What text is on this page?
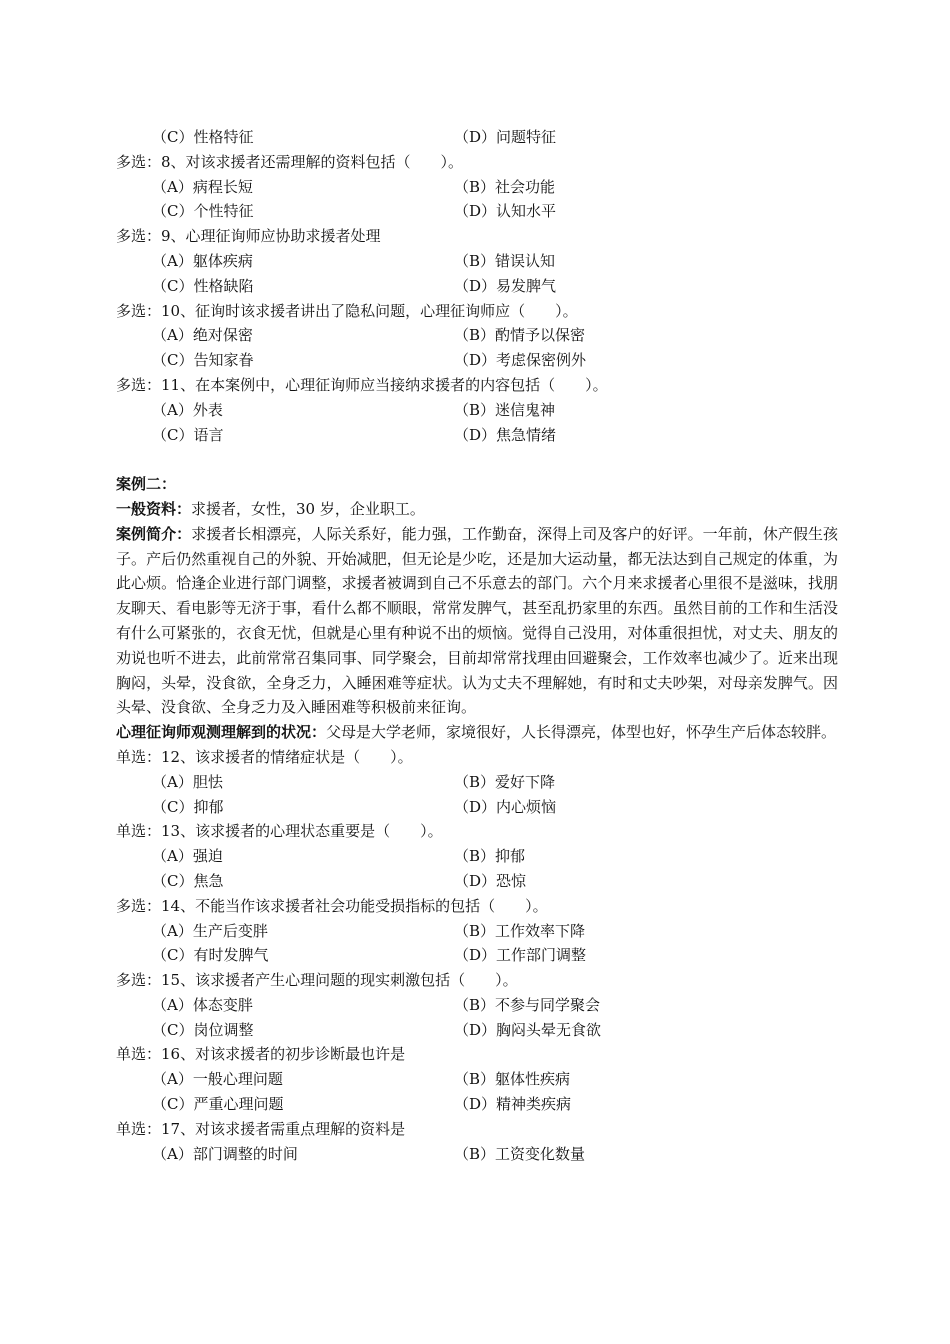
（C）性格特征	（D）问题特征
多选：8、对该求援者还需理解的资料包括（　　）。
（A）病程长短	（B）社会功能
（C）个性特征	（D）认知水平
多选：9、心理征询师应协助求援者处理
（A）躯体疾病	（B）错误认知
（C）性格缺陷	（D）易发脾气
多选：10、征询时该求援者讲出了隐私问题，心理征询师应（　　）。
（A）绝对保密	（B）酌情予以保密
（C）告知家眷	（D）考虑保密例外
多选：11、在本案例中，心理征询师应当接纳求援者的内容包括（　　）。
（A）外表	（B）迷信鬼神
（C）语言	（D）焦急情绪
案例二：
一般资料：求援者，女性，30 岁，企业职工。
案例简介：求援者长相漂亮，人际关系好，能力强，工作勤奋，深得上司及客户的好评。一年前，休产假生孩子。产后仍然重视自己的外貌、开始减肥，但无论是少吃，还是加大运动量，都无法达到自己规定的体重，为此心烦。恰逢企业进行部门调整，求援者被调到自己不乐意去的部门。六个月来求援者心里很不是滋味，找朋友聊天、看电影等无济于事，看什么都不顺眼，常常发脾气，甚至乱扔家里的东西。虽然目前的工作和生活没有什么可紧张的，衣食无忧，但就是心里有种说不出的烦恼。觉得自己没用，对体重很担忧，对丈夫、朋友的劝说也听不进去，此前常常召集同事、同学聚会，目前却常常找理由回避聚会，工作效率也减少了。近来出现胸闷，头晕，没食欲，全身乏力，入睡困难等症状。认为丈夫不理解她，有时和丈夫吵架，对母亲发脾气。因头晕、没食欲、全身乏力及入睡困难等积极前来征询。
心理征询师观测理解到的状况：父母是大学老师，家境很好，人长得漂亮，体型也好，怀孕生产后体态较胖。
单选：12、该求援者的情绪症状是（　　）。
（A）胆怯	（B）爱好下降
（C）抑郁	（D）内心烦恼
单选：13、该求援者的心理状态重要是（　　）。
（A）强迫	（B）抑郁
（C）焦急	（D）恐惊
多选：14、不能当作该求援者社会功能受损指标的包括（　　）。
（A）生产后变胖	（B）工作效率下降
（C）有时发脾气	（D）工作部门调整
多选：15、该求援者产生心理问题的现实刺激包括（　　）。
（A）体态变胖	（B）不参与同学聚会
（C）岗位调整	（D）胸闷头晕无食欲
单选：16、对该求援者的初步诊断最也许是
（A）一般心理问题	（B）躯体性疾病
（C）严重心理问题	（D）精神类疾病
单选：17、对该求援者需重点理解的资料是
（A）部门调整的时间	（B）工资变化数量
